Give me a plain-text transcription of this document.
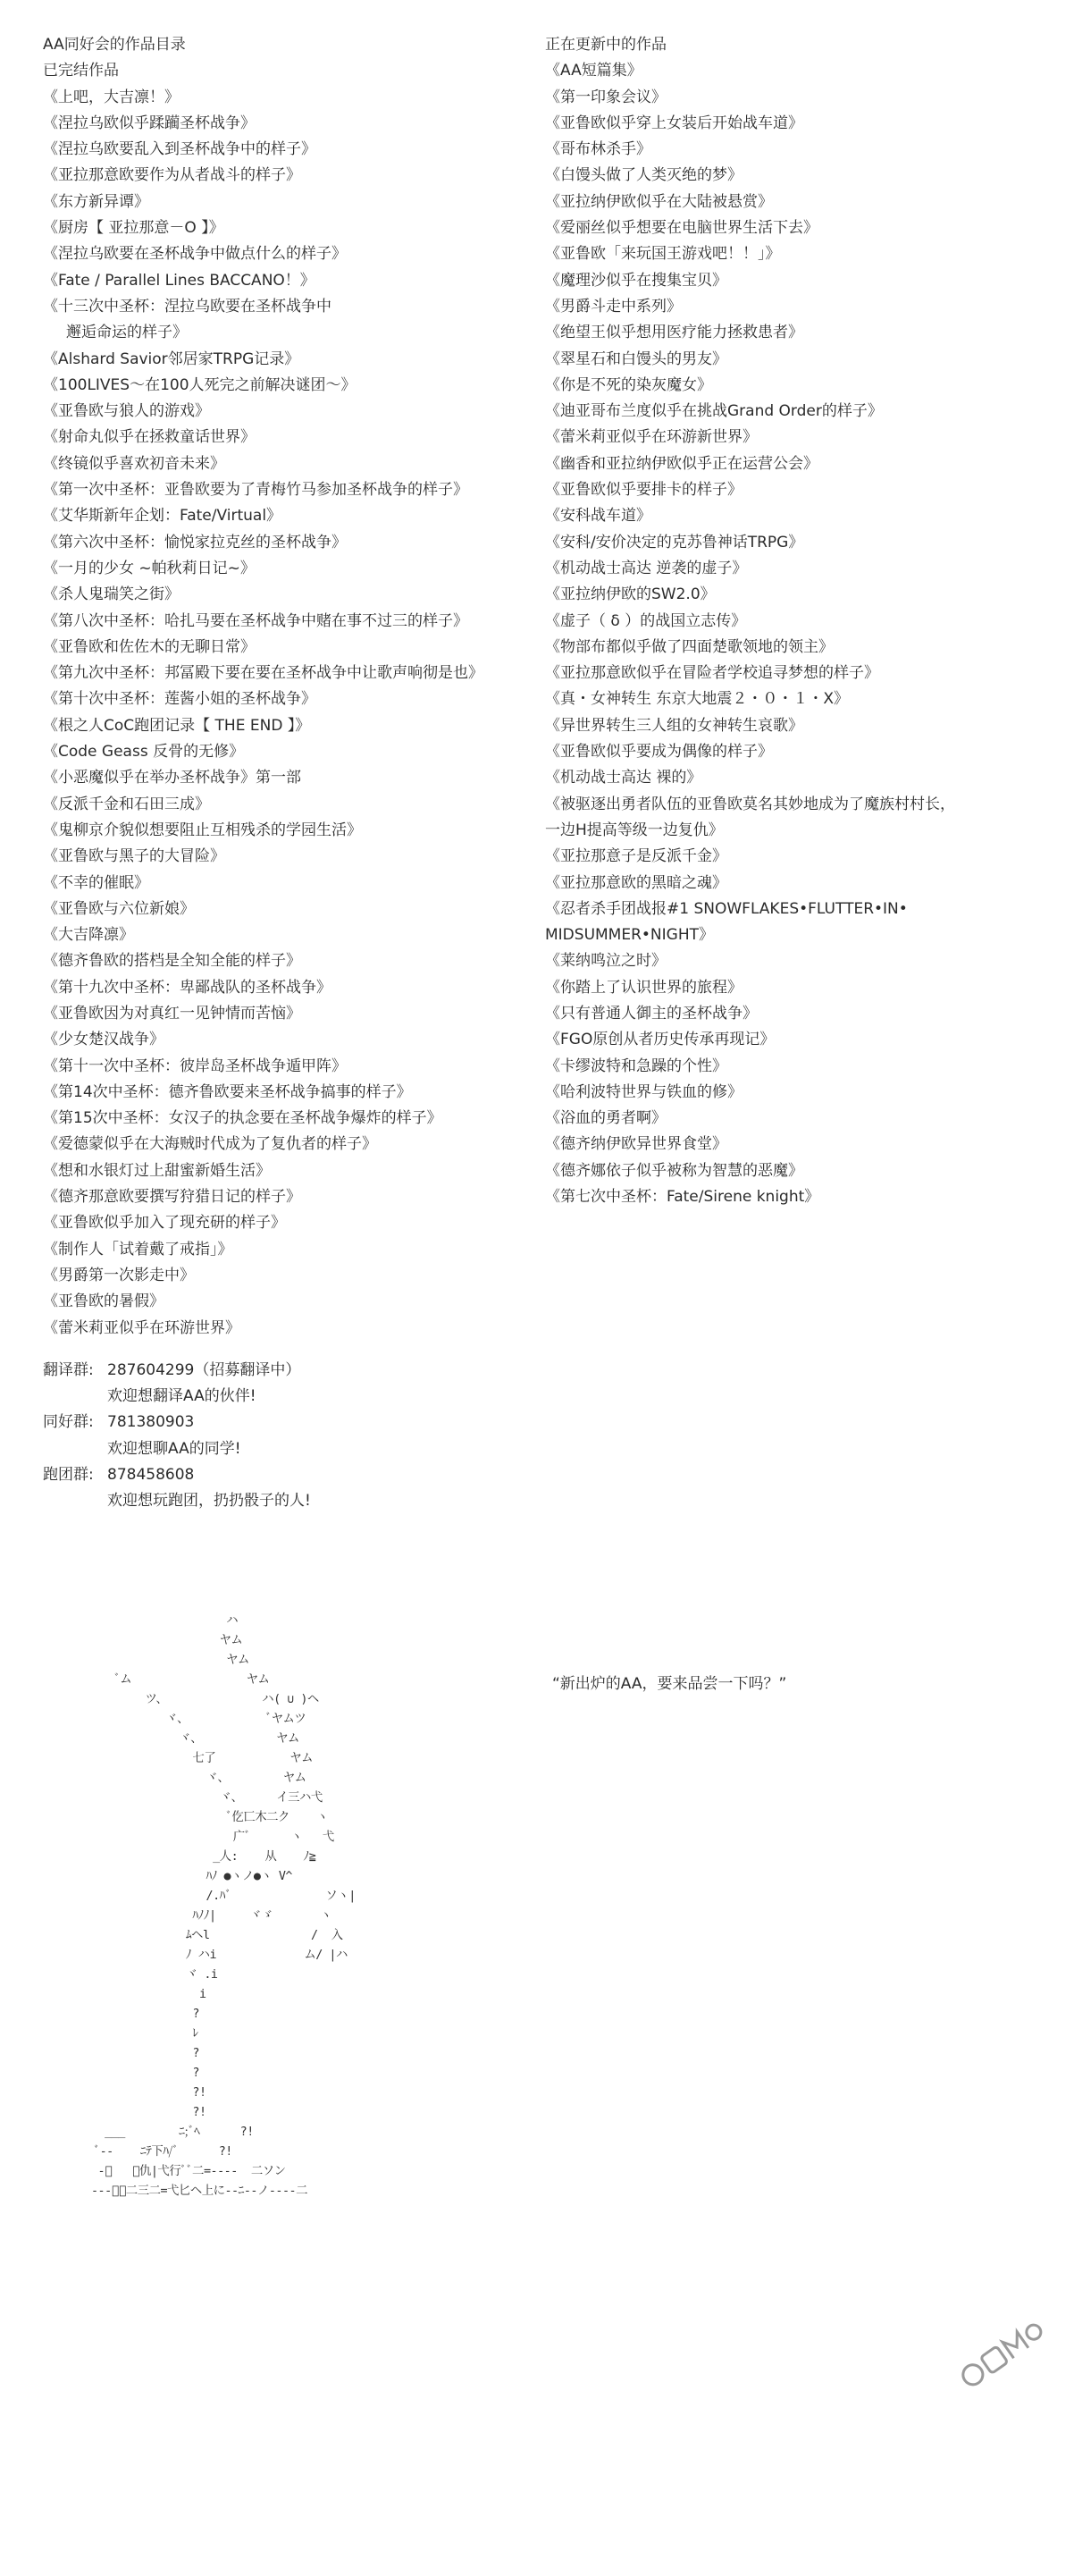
AA同好会的作品目录
已完结作品
《上吧，大吉凛！》
《涅拉乌欧似乎蹂躏圣杯战争》
《涅拉乌欧要乱入到圣杯战争中的样子》
《亚拉那意欧要作为从者战斗的样子》
《东方新异谭》
《厨房【 亚拉那意－O 】》
《涅拉乌欧要在圣杯战争中做点什么的样子》
《Fate / Parallel Lines BACCANO！》
《十三次中圣杯：涅拉乌欧要在圣杯战争中
邂逅命运的样子》
《Alshard Savior邻居家TRPG记录》
《100LIVES～在100人死完之前解决谜团～》
《亚鲁欧与狼人的游戏》
《射命丸似乎在拯救童话世界》
《终镜似乎喜欢初音未来》
《第一次中圣杯：亚鲁欧要为了青梅竹马参加圣杯战争的样子》
《艾华斯新年企划：Fate/Virtual》
《第六次中圣杯：愉悦家拉克丝的圣杯战争》
《一月的少女 ~帕秋莉日记~》
《杀人鬼瑞笑之街》
《第八次中圣杯：哈扎马要在圣杯战争中赌在事不过三的样子》
《亚鲁欧和佐佐木的无聊日常》
《第九次中圣杯：邦冨殿下要在要在圣杯战争中让歌声响彻是也》
《第十次中圣杯：莲酱小姐的圣杯战争》
《根之人CoC跑团记录【 THE END 】》
《Code Geass 反骨的无修》
《小恶魔似乎在举办圣杯战争》第一部
《反派千金和石田三成》
《鬼柳京介貌似想要阻止互相残杀的学园生活》
《亚鲁欧与黑子的大冒险》
《不幸的催眠》
《亚鲁欧与六位新娘》
《大吉降凛》
《德齐鲁欧的搭档是全知全能的样子》
《第十九次中圣杯：卑鄙战队的圣杯战争》
《亚鲁欧因为对真红一见钟情而苦恼》
《少女楚汉战争》
《第十一次中圣杯：彼岸岛圣杯战争遁甲阵》
《第14次中圣杯：德齐鲁欧要来圣杯战争搞事的样子》
《第15次中圣杯：女汉子的执念要在圣杯战争爆炸的样子》
《爱德蒙似乎在大海贼时代成为了复仇者的样子》
《想和水银灯过上甜蜜新婚生活》
《德齐那意欧要撰写狩猎日记的样子》
《亚鲁欧似乎加入了现充研的样子》
《制作人「试着戴了戒指」》
《男爵第一次影走中》
《亚鲁欧的暑假》
《蕾米莉亚似乎在环游世界》
翻译群: 287604299（招募翻译中）
欢迎想翻译AA的伙伴!
同好群: 781380903
欢迎想聊AA的同学!
跑团群: 878458608
欢迎想玩跑团，扔扔骰子的人!
正在更新中的作品
《AA短篇集》
《第一印象会议》
《亚鲁欧似乎穿上女装后开始战车道》
《哥布林杀手》
《白馒头做了人类灭绝的梦》
《亚拉纳伊欧似乎在大陆被悬赏》
《爱丽丝似乎想要在电脑世界生活下去》
《亚鲁欧「来玩国王游戏吧！！」》
《魔理沙似乎在搜集宝贝》
《男爵斗走中系列》
《绝望王似乎想用医疗能力拯救患者》
《翠星石和白馒头的男友》
《你是不死的染灰魔女》
《迪亚哥布兰度似乎在挑战Grand Order的样子》
《蕾米莉亚似乎在环游新世界》
《幽香和亚拉纳伊欧似乎正在运营公会》
《亚鲁欧似乎要排卡的样子》
《安科战车道》
《安科/安价决定的克苏鲁神话TRPG》
《机动战士高达 逆袭的虚子》
《亚拉纳伊欧的SW2.0》
《虚子（ δ ）的战国立志传》
《物部布都似乎做了四面楚歌领地的领主》
《亚拉那意欧似乎在冒险者学校追寻梦想的样子》
《真・女神转生 东京大地震２・０・１・X》
《异世界转生三人组的女神转生哀歌》
《亚鲁欧似乎要成为偶像的样子》
《机动战士高达 裸的》
《被驱逐出勇者队伍的亚鲁欧莫名其妙地成为了魔族村村长，
一边H提高等级一边复仇》
《亚拉那意子是反派千金》
《亚拉那意欧的黑暗之魂》
《忍者杀手团战报#1 SNOWFLAKES•FLUTTER•IN•
MIDSUMMER•NIGHT》
《莱纳鸣泣之时》
《你踏上了认识世界的旅程》
《只有普通人御主的圣杯战争》
《FGO原创从者历史传承再现记》
《卡缪波特和急躁的个性》
《哈利波特世界与铁血的修》
《浴血的勇者啊》
《德齐纳伊欧异世界食堂》
《德齐娜依子似乎被称为智慧的恶魔》
《第七次中圣杯：Fate/Sirene knight》
“新出炉的AA，要来品尝一下吗？”
ハ
ヤム
ヤム
ﾞム                 ヤム
ツ、              ハ( ∪ )ヘ
ヾ、            ﾞヤムツ
ヾ、           ヤム
七了           ヤム
ヾ、        ヤム
ヾ、     イ三ハ弋
ﾞ仡匸木二ク    ヽ
广ﾞ      ヽ   弋
_人:    从    ﾉ≧
ﾊﾉ ●ヽノ●ヽ V^
/.ﾊﾞ              ソヽ|
ﾊﾉﾉ|     ヾゞ       ヽ
ﾑヘl               /  入
ﾉ ハi             ム/ |ハ
ヾ .i
i
?
ﾚ
?
?
?!
?!
___        ﾆ;ﾞﾍ      ?!
ﾞ‐‐    ﾆﾃ下ﾊ/ﾞ      ?!
‐ﾞ   ﾞ仇|弋行ﾞﾞ二=‐‐‐‐  二ソン
‐‐‐ﾞﾞ二三二=弋匕ヘ上に--ﾆ--ノ‐‐‐‐二
